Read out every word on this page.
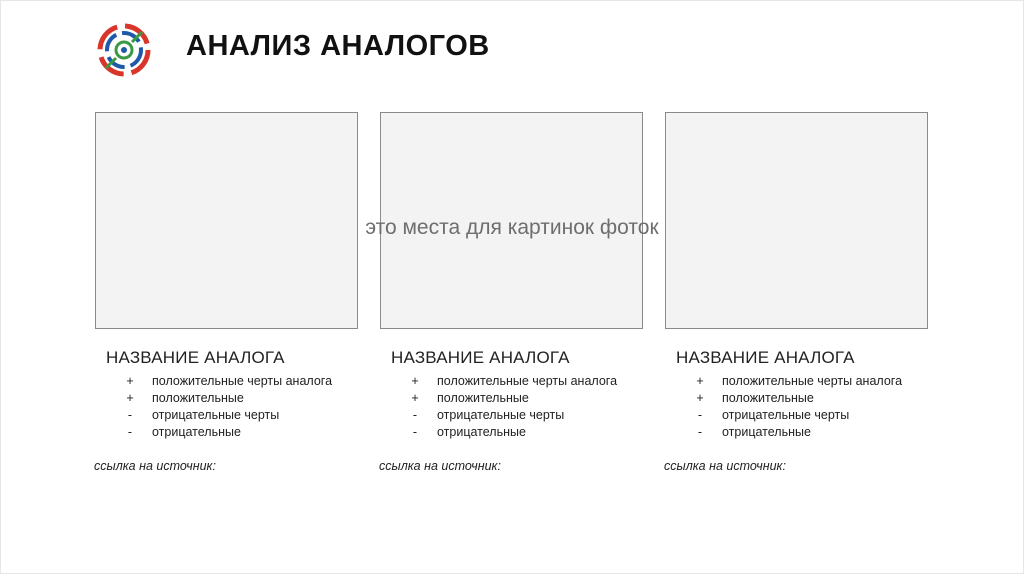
АНАЛИЗ АНАЛОГОВ
это места для картинок фоток
НАЗВАНИЕ АНАЛОГА
+ положительные черты аналога
+ положительные
-	отрицательные черты
-	отрицательные
ссылка на источник:
НАЗВАНИЕ АНАЛОГА
+ положительные черты аналога
+ положительные
-	отрицательные черты
-	отрицательные
ссылка на источник:
НАЗВАНИЕ АНАЛОГА
+ положительные черты аналога
+ положительные
-	отрицательные черты
-	отрицательные
ссылка на источник:
